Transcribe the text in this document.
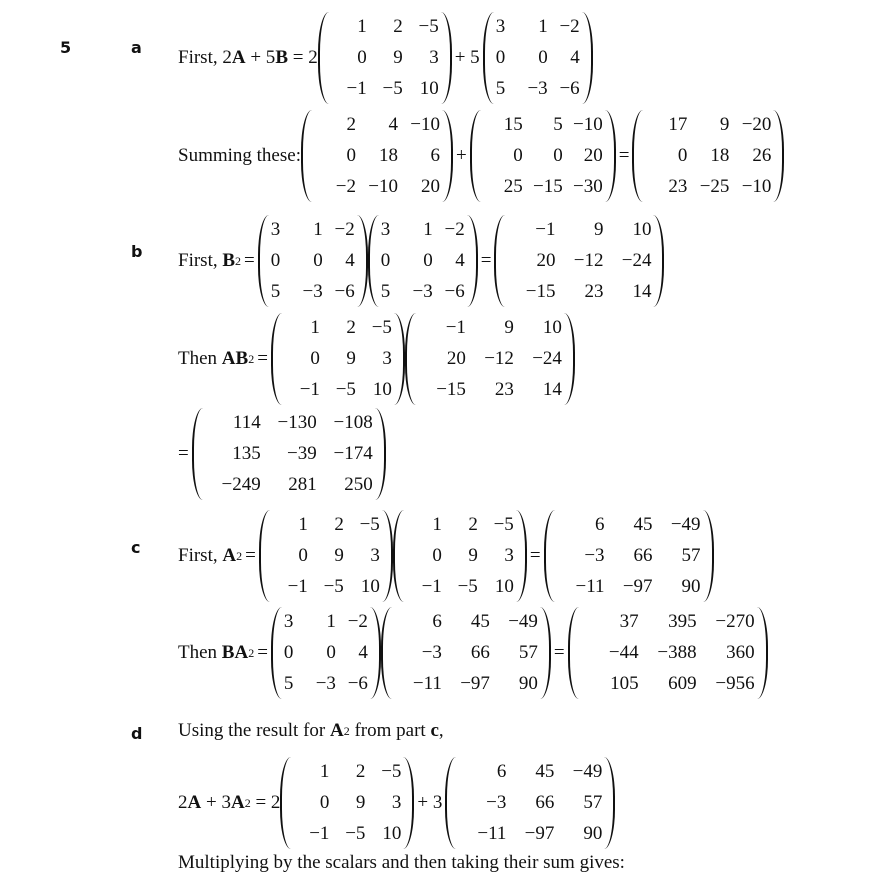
5	a
b
c
d
First,
2 A + 5 B = 2
1	2 −5
0	9	3
−1 −5 10
+ 5
3	1 −2
0	0	4
5	−3 −6
Summing these:
2	4 −10
0	18	6
−2 −10	20
+
15	5 −10
0	0	20
25 −15 −30
=
17	9 −20
0	18	26
23 −25 −10
First,
B 2 =
3	1 −2
0	0	4
5	−3 −6
3	1 −2
0	0	4
5	−3 −6
=
−1	9	10
20 −12 −24
−15	23	14
Then
AB 2 =
1	2 −5
0	9	3
−1 −5 10
−1	9	10
20 −12 −24
−15	23	14
=
114 −130 −108
135	−39 −174
−249	281	250
First,
A 2 =
1	2 −5
0	9	3
−1 −5 10
1	2 −5
0	9	3
−1 −5 10
=
6	45 −49
−3	66	57
−11 −97	90
Then
BA 2 =
3	1 −2
0	0	4
5	−3 −6
6	45 −49
−3	66	57
−11 −97	90
=
37	395 −270
−44 −388	360
105	609 −956
Using the result for A 2 from part c ,
2 A + 3 A 2 = 2
1	2 −5
0	9	3
−1 −5 10
+ 3
6	45 −49
−3	66	57
−11 −97	90
Multiplying by the scalars and then taking their sum gives:
